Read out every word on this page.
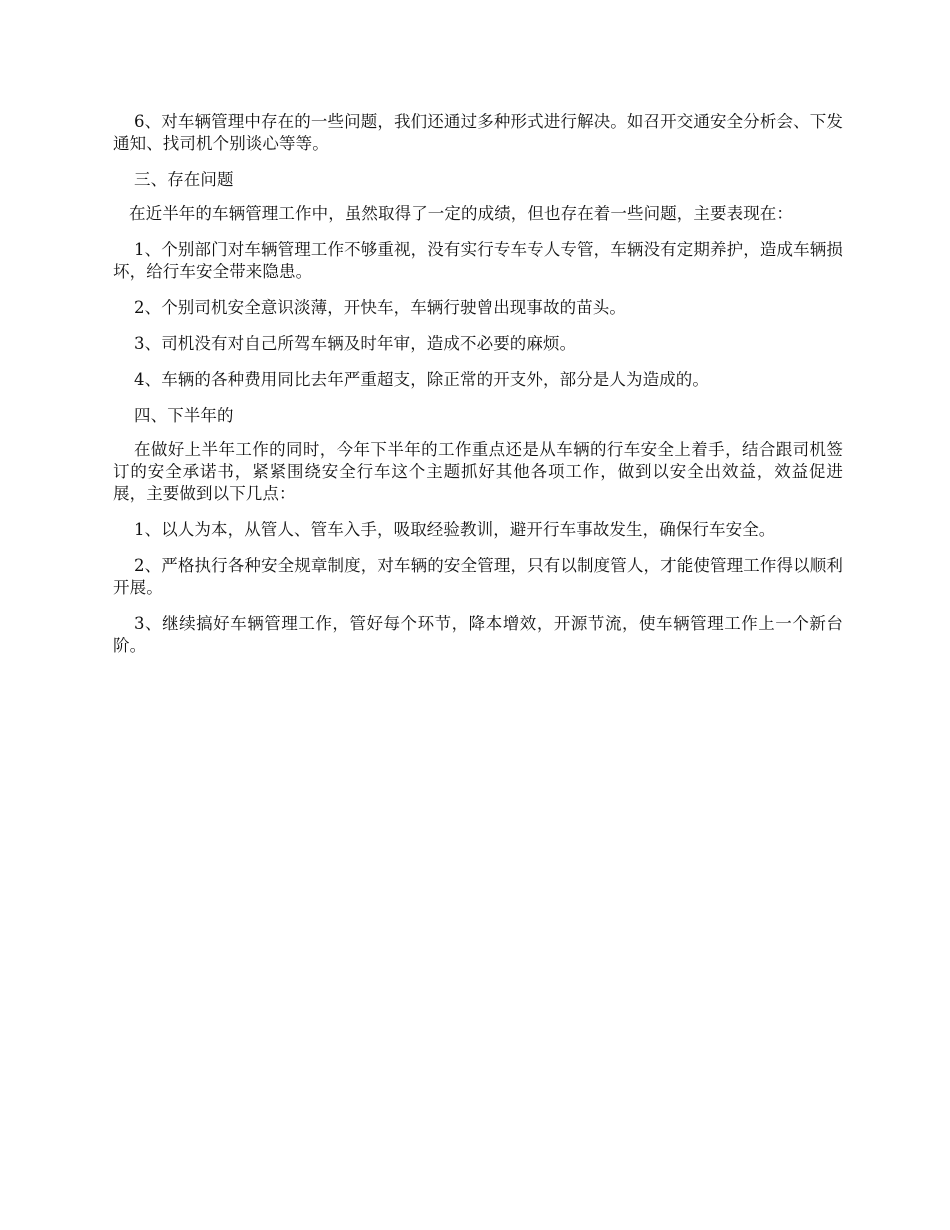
6、对车辆管理中存在的一些问题，我们还通过多种形式进行解决。如召开交通安全分析会、下发通知、找司机个别谈心等等。

三、存在问题

在近半年的车辆管理工作中，虽然取得了一定的成绩，但也存在着一些问题，主要表现在：

1、个别部门对车辆管理工作不够重视，没有实行专车专人专管，车辆没有定期养护，造成车辆损坏，给行车安全带来隐患。

2、个别司机安全意识淡薄，开快车，车辆行驶曾出现事故的苗头。

3、司机没有对自己所驾车辆及时年审，造成不必要的麻烦。

4、车辆的各种费用同比去年严重超支，除正常的开支外，部分是人为造成的。

四、下半年的

在做好上半年工作的同时，今年下半年的工作重点还是从车辆的行车安全上着手，结合跟司机签订的安全承诺书，紧紧围绕安全行车这个主题抓好其他各项工作，做到以安全出效益，效益促进展，主要做到以下几点：

1、以人为本，从管人、管车入手，吸取经验教训，避开行车事故发生，确保行车安全。

2、严格执行各种安全规章制度，对车辆的安全管理，只有以制度管人，才能使管理工作得以顺利开展。

3、继续搞好车辆管理工作，管好每个环节，降本增效，开源节流，使车辆管理工作上一个新台阶。
